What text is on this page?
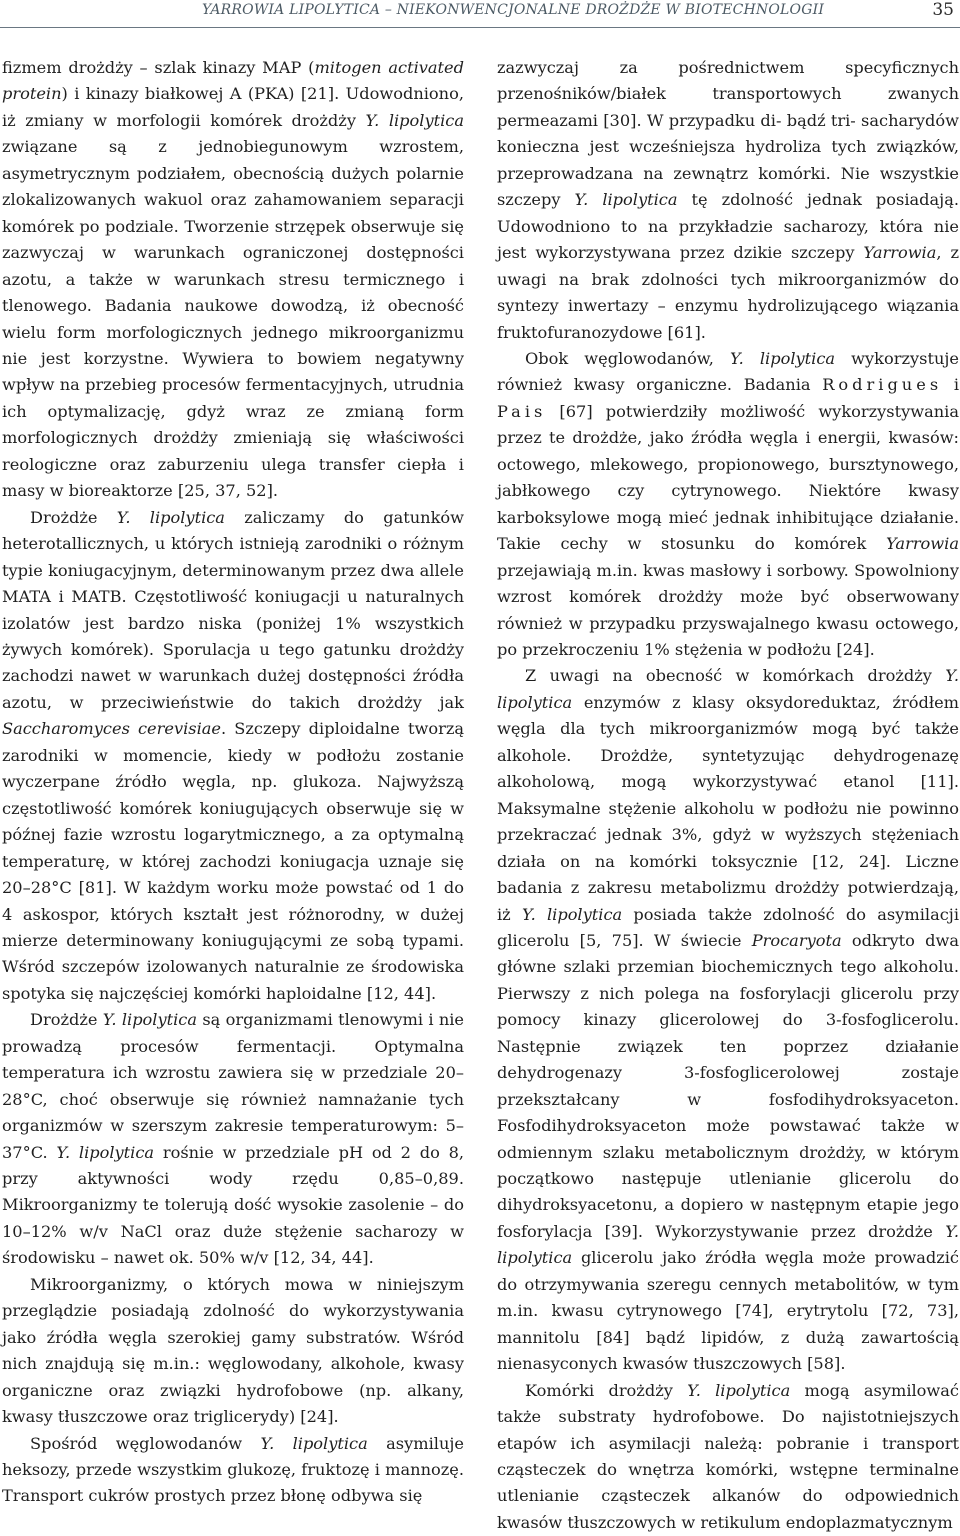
YARROWIA LIPOLYTICA – NIEKONWENCJONALNE DROŻDŻE W BIOTECHNOLOGII	35

fizmem drożdży – szlak kinazy MAP (mitogen activated protein) i kinazy białkowej A (PKA) [21]. Udowodniono, iż zmiany w morfologii komórek drożdży Y. lipolytica związane są z jednobiegunowym wzrostem, asymetrycznym podziałem, obecnością dużych polarnie zlokalizowanych wakuol oraz zahamowaniem separacji komórek po podziale. Tworzenie strzępek obserwuje się zazwyczaj w warunkach ograniczonej dostępności azotu, a także w warunkach stresu termicznego i tlenowego. Badania naukowe dowodzą, iż obecność wielu form morfologicznych jednego mikroorganizmu nie jest korzystne. Wywiera to bowiem negatywny wpływ na przebieg procesów fermentacyjnych, utrudnia ich optymalizację, gdyż wraz ze zmianą form morfologicznych drożdży zmieniają się właściwości reologiczne oraz zaburzeniu ulega transfer ciepła i masy w bioreaktorze [25, 37, 52].

Drożdże Y. lipolytica zaliczamy do gatunków heterotallicznych, u których istnieją zarodniki o różnym typie koniugacyjnym, determinowanym przez dwa allele MATA i MATB. Częstotliwość koniugacji u naturalnych izolatów jest bardzo niska (poniżej 1% wszystkich żywych komórek). Sporulacja u tego gatunku drożdży zachodzi nawet w warunkach dużej dostępności źródła azotu, w przeciwieństwie do takich drożdży jak Saccharomyces cerevisiae. Szczepy diploidalne tworzą zarodniki w momencie, kiedy w podłożu zostanie wyczerpane źródło węgla, np. glukoza. Najwyższą częstotliwość komórek koniugujących obserwuje się w późnej fazie wzrostu logarytmicznego, a za optymalną temperaturę, w której zachodzi koniugacja uznaje się 20–28°C [81]. W każdym worku może powstać od 1 do 4 askospor, których kształt jest różnorodny, w dużej mierze determinowany koniugującymi ze sobą typami. Wśród szczepów izolowanych naturalnie ze środowiska spotyka się najczęściej komórki haploidalne [12, 44].

Drożdże Y. lipolytica są organizmami tlenowymi i nie prowadzą procesów fermentacji. Optymalna temperatura ich wzrostu zawiera się w przedziale 20–28°C, choć obserwuje się również namnażanie tych organizmów w szerszym zakresie temperaturowym: 5–37°C. Y. lipolytica rośnie w przedziale pH od 2 do 8, przy aktywności wody rzędu 0,85–0,89. Mikroorganizmy te tolerują dość wysokie zasolenie – do 10–12% w/v NaCl oraz duże stężenie sacharozy w środowisku – nawet ok. 50% w/v [12, 34, 44].

Mikroorganizmy, o których mowa w niniejszym przeglądzie posiadają zdolność do wykorzystywania jako źródła węgla szerokiej gamy substratów. Wśród nich znajdują się m.in.: węglowodany, alkohole, kwasy organiczne oraz związki hydrofobowe (np. alkany, kwasy tłuszczowe oraz triglicerydy) [24].

Spośród węglowodanów Y. lipolytica asymiluje heksozy, przede wszystkim glukozę, fruktozę i mannozę. Transport cukrów prostych przez błonę odbywa się

zazwyczaj za pośrednictwem specyficznych przenośników/białek transportowych zwanych permeazami [30]. W przypadku di- bądź tri- sacharydów konieczna jest wcześniejsza hydroliza tych związków, przeprowadzana na zewnątrz komórki. Nie wszystkie szczepy Y. lipolytica tę zdolność jednak posiadają. Udowodniono to na przykładzie sacharozy, która nie jest wykorzystywana przez dzikie szczepy Yarrowia, z uwagi na brak zdolności tych mikroorganizmów do syntezy inwertazy – enzymu hydrolizującego wiązania fruktofuranozydowe [61].

Obok węglowodanów, Y. lipolytica wykorzystuje również kwasy organiczne. Badania Rodrigues i Pais [67] potwierdziły możliwość wykorzystywania przez te drożdże, jako źródła węgla i energii, kwasów: octowego, mlekowego, propionowego, bursztynowego, jabłkowego czy cytrynowego. Niektóre kwasy karboksylowe mogą mieć jednak inhibitujące działanie. Takie cechy w stosunku do komórek Yarrowia przejawiają m.in. kwas masłowy i sorbowy. Spowolniony wzrost komórek drożdży może być obserwowany również w przypadku przyswajalnego kwasu octowego, po przekroczeniu 1% stężenia w podłożu [24].

Z uwagi na obecność w komórkach drożdży Y. lipolytica enzymów z klasy oksydoreduktaz, źródłem węgla dla tych mikroorganizmów mogą być także alkohole. Drożdże, syntetyzując dehydrogenazę alkoholową, mogą wykorzystywać etanol [11]. Maksymalne stężenie alkoholu w podłożu nie powinno przekraczać jednak 3%, gdyż w wyższych stężeniach działa on na komórki toksycznie [12, 24]. Liczne badania z zakresu metabolizmu drożdży potwierdzają, iż Y. lipolytica posiada także zdolność do asymilacji glicerolu [5, 75]. W świecie Procaryota odkryto dwa główne szlaki przemian biochemicznych tego alkoholu. Pierwszy z nich polega na fosforylacji glicerolu przy pomocy kinazy glicerolowej do 3-fosfoglicerolu. Następnie związek ten poprzez działanie dehydrogenazy 3-fosfoglicerolowej zostaje przekształcany w fosfodihydroksyaceton. Fosfodihydroksyaceton może powstawać także w odmiennym szlaku metabolicznym drożdży, w którym początkowo następuje utlenianie glicerolu do dihydroksyacetonu, a dopiero w następnym etapie jego fosforylacja [39]. Wykorzystywanie przez drożdże Y. lipolytica glicerolu jako źródła węgla może prowadzić do otrzymywania szeregu cennych metabolitów, w tym m.in. kwasu cytrynowego [74], erytrytolu [72, 73], mannitolu [84] bądź lipidów, z dużą zawartością nienasyconych kwasów tłuszczowych [58].

Komórki drożdży Y. lipolytica mogą asymilować także substraty hydrofobowe. Do najistotniejszych etapów ich asymilacji należą: pobranie i transport cząsteczek do wnętrza komórki, wstępne terminalne utlenianie cząsteczek alkanów do odpowiednich kwasów tłuszczowych w retikulum endoplazmatycznym
